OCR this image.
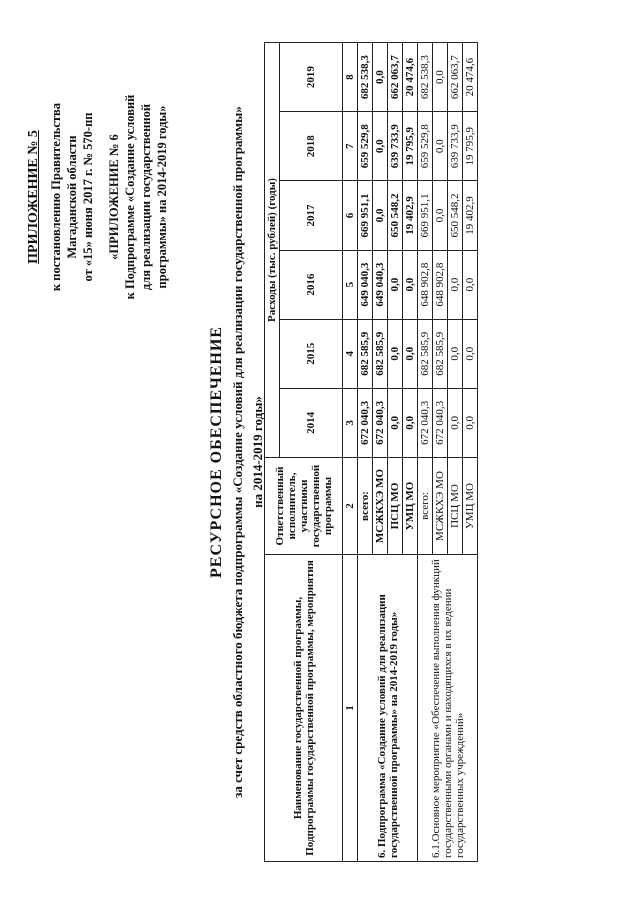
ПРИЛОЖЕНИЕ № 5 к постановлению Правительства Магаданской области от «15» июня 2017 г. № 570-пп «ПРИЛОЖЕНИЕ № 6 к Подпрограмме «Создание условий для реализации государственной программы» на 2014-2019 годы»
РЕСУРСНОЕ ОБЕСПЕЧЕНИЕ за счет средств областного бюджета подпрограммы «Создание условий для реализации государственной программы» на 2014-2019 годы»
Наименование государственной программы, Подпрограммы государственной программы, мероприятия	Ответственный исполнитель, участники государственной программы	Расходы (тыс. рублей) (годы)					
		2014	2015	2016	2017	2018	2019
1	2	3	4	5	6	7	8
6. Подпрограмма «Создание условий для реализации государственной программы» на 2014-2019 годы»	всего:	672 040,3	682 585,9	649 040,3	669 951,1	659 529,8	682 538,3
	МСЖКХЭ МО	672 040,3	682 585,9	649 040,3	0,0	0,0	0,0
	ПСЦ МО	0,0	0,0	0,0	650 548,2	639 733,9	662 063,7
	УМЦ МО	0,0	0,0	0,0	19 402,9	19 795,9	20 474,6
6.1.Основное мероприятие «Обеспечение выполнения функций государственными органами и находящихся в их ведении государственных учреждений»	всего:	672 040,3	682 585,9	648 902,8	669 951,1	659 529,8	682 538,3
	МСЖКХЭ МО	672 040,3	682 585,9	648 902,8	0,0	0,0	0,0
	ПСЦ МО	0,0	0,0	0,0	650 548,2	639 733,9	662 063,7
	УМЦ МО	0,0	0,0	0,0	19 402,9	19 795,9	20 474,6
